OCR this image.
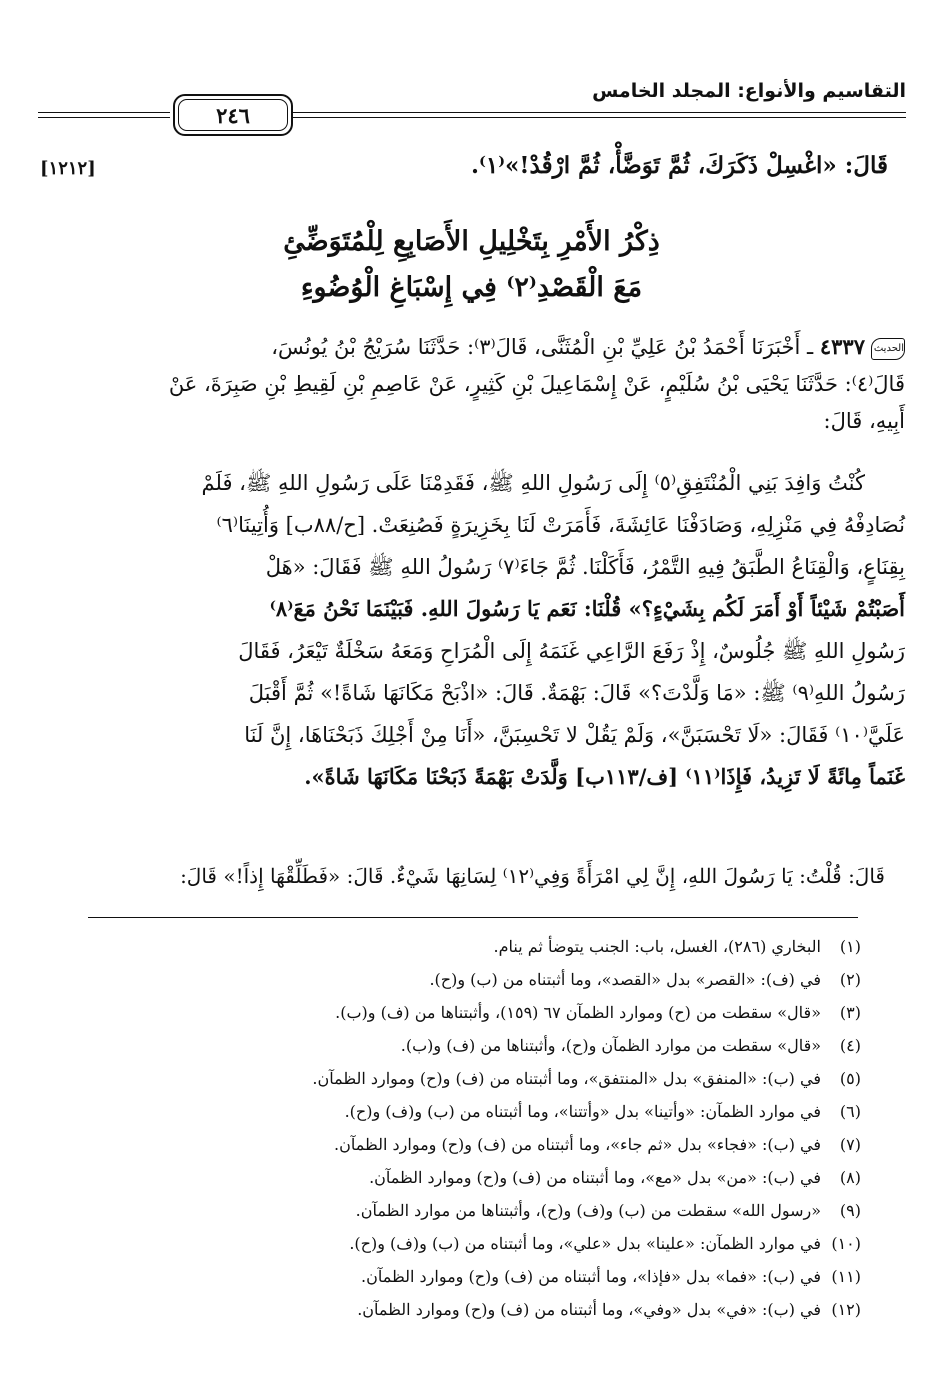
التقاسيم والأنواع: المجلد الخامس
٢٤٦
قَالَ: «اغْسِلْ ذَكَرَكَ، ثُمَّ تَوَضَّأْ، ثُمَّ ارْقُدْ!»⁽١⁾.
[١٢١٢]
ذِكْرُ الأَمْرِ بِتَخْلِيلِ الأَصَابِعِ لِلْمُتَوَضِّئِ
مَعَ الْقَصْدِ⁽٢⁾ فِي إِسْبَاغِ الْوُضُوءِ
الحديث٤٣٣٧ ـ أَخْبَرَنَا أَحْمَدُ بْنُ عَلِيِّ بْنِ الْمُثَنَّى، قَالَ⁽٣⁾: حَدَّثَنَا سُرَيْجُ بْنُ يُونُسَ،
قَالَ⁽٤⁾: حَدَّثَنَا يَحْيَى بْنُ سُلَيْمٍ، عَنْ إِسْمَاعِيلَ بْنِ كَثِيرٍ، عَنْ عَاصِمِ بْنِ لَقِيطِ بْنِ صَبِرَةَ، عَنْ
أَبِيهِ، قَالَ:
كُنْتُ وَافِدَ بَنِي الْمُنْتَفِقِ⁽٥⁾ إِلَى رَسُولِ اللهِ ﷺ، فَقَدِمْنَا عَلَى رَسُولِ اللهِ ﷺ، فَلَمْ
نُصَادِفْهُ فِي مَنْزِلِهِ، وَصَادَفْنَا عَائِشَةَ، فَأَمَرَتْ لَنَا بِخَزِيرَةٍ فَصُنِعَتْ. [ح/٨٨ب] وَأُتِينَا⁽٦⁾
بِقِنَاعٍ، وَالْقِنَاعُ الطَّبَقُ فِيهِ التَّمْرُ، فَأَكَلْنَا. ثُمَّ جَاءَ⁽٧⁾ رَسُولُ اللهِ ﷺ فَقَالَ: «هَلْ
أَصَبْتُمْ شَيْئاً أَوْ أَمَرَ لَكُم بِشَيْءٍ؟» قُلْنَا: نَعَم يَا رَسُولَ اللهِ. فَبَيْنَمَا نَحْنُ مَعَ⁽٨⁾
رَسُولِ اللهِ ﷺ جُلُوسٌ، إِذْ رَفَعَ الرَّاعِي غَنَمَهُ إِلَى الْمُرَاحِ وَمَعَهُ سَخْلَةٌ تَيْعَرُ، فَقَالَ
رَسُولُ اللهِ⁽٩⁾ ﷺ: «مَا وَلَّدْتَ؟» قَالَ: بَهْمَةٌ. قَالَ: «اذْبَحْ مَكَانَهَا شَاةً!» ثُمَّ أَقْبَلَ
عَلَيَّ⁽١٠⁾ فَقَالَ: «لَا تَحْسَبَنَّ»، وَلَمْ يَقُلْ لا تَحْسِبَنَّ، «أَنَا مِنْ أَجْلِكَ ذَبَحْنَاهَا، إِنَّ لَنَا
غَنَماً مِائَةً لَا تَزِيدُ، فَإِذَا⁽١١⁾ [ف/١١٣ب] وَلَّدَتْ بَهْمَةً ذَبَحْنَا مَكَانَهَا شَاةً».
قَالَ: قُلْتُ: يَا رَسُولَ اللهِ، إِنَّ لِي امْرَأَةً وَفِي⁽١٢⁾ لِسَانِهَا شَيْءٌ. قَالَ: «فَطَلِّقْهَا إِذاً!» قَالَ:
(١)البخاري (٢٨٦)، الغسل، باب: الجنب يتوضأ ثم ينام.
(٢)في (ف): «القصر» بدل «القصد»، وما أثبتناه من (ب) و(ح).
(٣)«قال» سقطت من (ح) وموارد الظمآن ٦٧ (١٥٩)، وأثبتناها من (ف) و(ب).
(٤)«قال» سقطت من موارد الظمآن و(ح)، وأثبتناها من (ف) و(ب).
(٥)في (ب): «المنفق» بدل «المنتفق»، وما أثبتناه من (ف) و(ح) وموارد الظمآن.
(٦)في موارد الظمآن: «وأتينا» بدل «وأتتنا»، وما أثبتناه من (ب) و(ف) و(ح).
(٧)في (ب): «فجاء» بدل «ثم جاء»، وما أثبتناه من (ف) و(ح) وموارد الظمآن.
(٨)في (ب): «من» بدل «مع»، وما أثبتناه من (ف) و(ح) وموارد الظمآن.
(٩)«رسول الله» سقطت من (ب) و(ف) و(ح)، وأثبتناها من موارد الظمآن.
(١٠)في موارد الظمآن: «علينا» بدل «علي»، وما أثبتناه من (ب) و(ف) و(ح).
(١١)في (ب): «فما» بدل «فإذا»، وما أثبتناه من (ف) و(ح) وموارد الظمآن.
(١٢)في (ب): «في» بدل «وفي»، وما أثبتناه من (ف) و(ح) وموارد الظمآن.
